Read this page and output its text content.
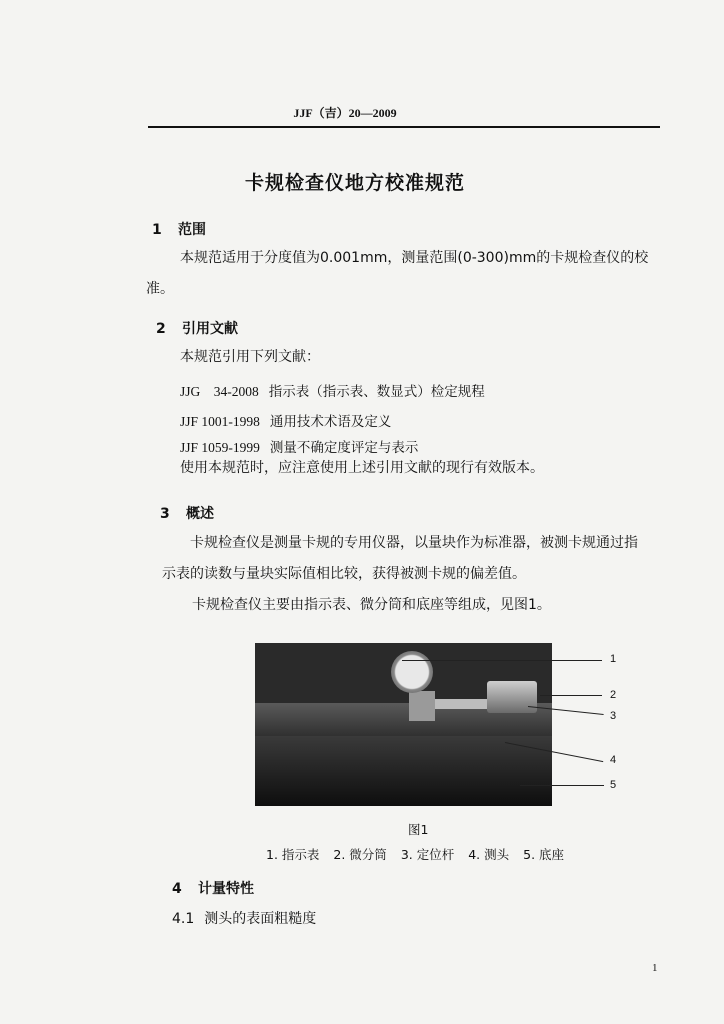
JJF（吉）20—2009
卡规检查仪地方校准规范
1 范围
本规范适用于分度值为0.001mm，测量范围(0-300)mm的卡规检查仪的校
准。
2 引用文献
本规范引用下列文献：
JJG　34-2008 指示表（指示表、数显式）检定规程
JJF 1001-1998 通用技术术语及定义
JJF 1059-1999 测量不确定度评定与表示
使用本规范时，应注意使用上述引用文献的现行有效版本。
3 概述
卡规检查仪是测量卡规的专用仪器，以量块作为标准器，被测卡规通过指
示表的读数与量块实际值相比较，获得被测卡规的偏差值。
卡规检查仪主要由指示表、微分筒和底座等组成，见图1。
1
2
3
4
5
图1
1. 指示表 2. 微分筒 3. 定位杆 4. 测头 5. 底座
4 计量特性
4.1 测头的表面粗糙度
1
